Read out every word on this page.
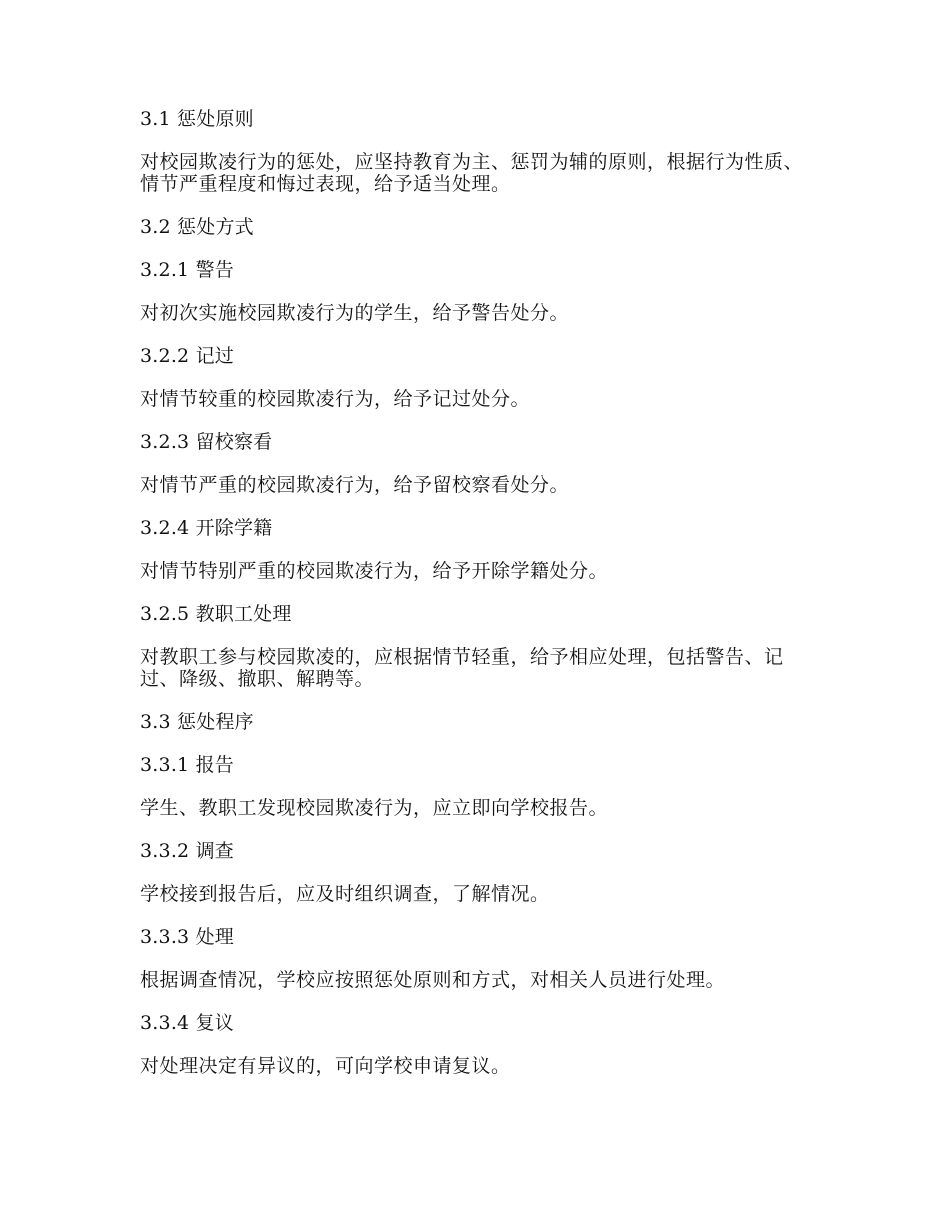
3.1 惩处原则
对校园欺凌行为的惩处，应坚持教育为主、惩罚为辅的原则，根据行为性质、情节严重程度和悔过表现，给予适当处理。
3.2 惩处方式
3.2.1 警告
对初次实施校园欺凌行为的学生，给予警告处分。
3.2.2 记过
对情节较重的校园欺凌行为，给予记过处分。
3.2.3 留校察看
对情节严重的校园欺凌行为，给予留校察看处分。
3.2.4 开除学籍
对情节特别严重的校园欺凌行为，给予开除学籍处分。
3.2.5 教职工处理
对教职工参与校园欺凌的，应根据情节轻重，给予相应处理，包括警告、记过、降级、撤职、解聘等。
3.3 惩处程序
3.3.1 报告
学生、教职工发现校园欺凌行为，应立即向学校报告。
3.3.2 调查
学校接到报告后，应及时组织调查，了解情况。
3.3.3 处理
根据调查情况，学校应按照惩处原则和方式，对相关人员进行处理。
3.3.4 复议
对处理决定有异议的，可向学校申请复议。
